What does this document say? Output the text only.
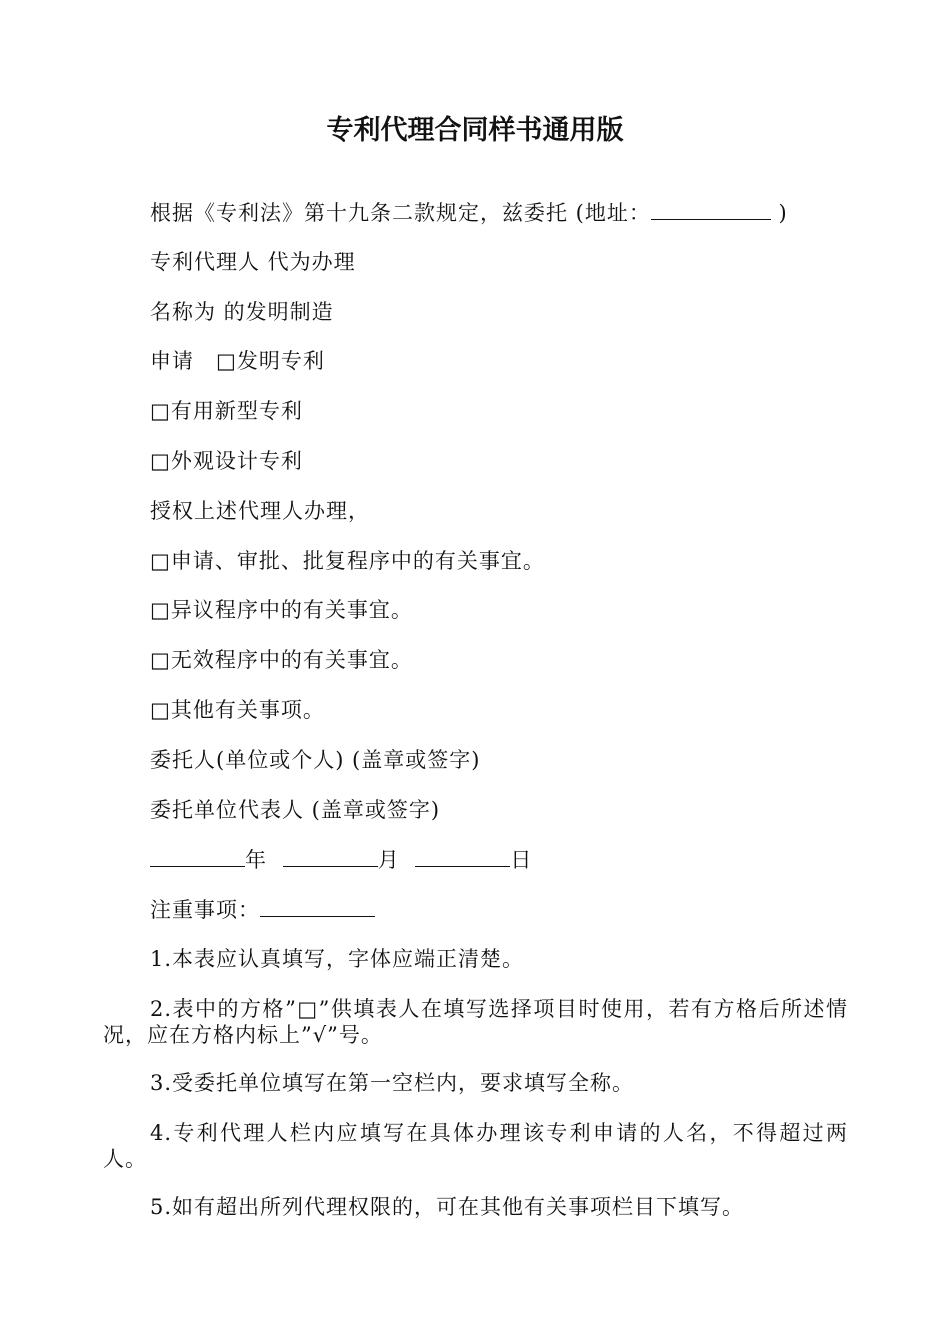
专利代理合同样书通用版
根据《专利法》第十九条二款规定，兹委托 (地址：	)
专利代理人 代为办理
名称为 的发明制造
申请　□发明专利
□有用新型专利
□外观设计专利
授权上述代理人办理，
□申请、审批、批复程序中的有关事宜。
□异议程序中的有关事宜。
□无效程序中的有关事宜。
□其他有关事项。
委托人(单位或个人) (盖章或签字)
委托单位代表人 (盖章或签字)
年	月	日
注重事项：
1.本表应认真填写，字体应端正清楚。
2.表中的方格”□”供填表人在填写选择项目时使用，若有方格后所述情况，应在方格内标上”√”号。
3.受委托单位填写在第一空栏内，要求填写全称。
4.专利代理人栏内应填写在具体办理该专利申请的人名，不得超过两人。
5.如有超出所列代理权限的，可在其他有关事项栏目下填写。
